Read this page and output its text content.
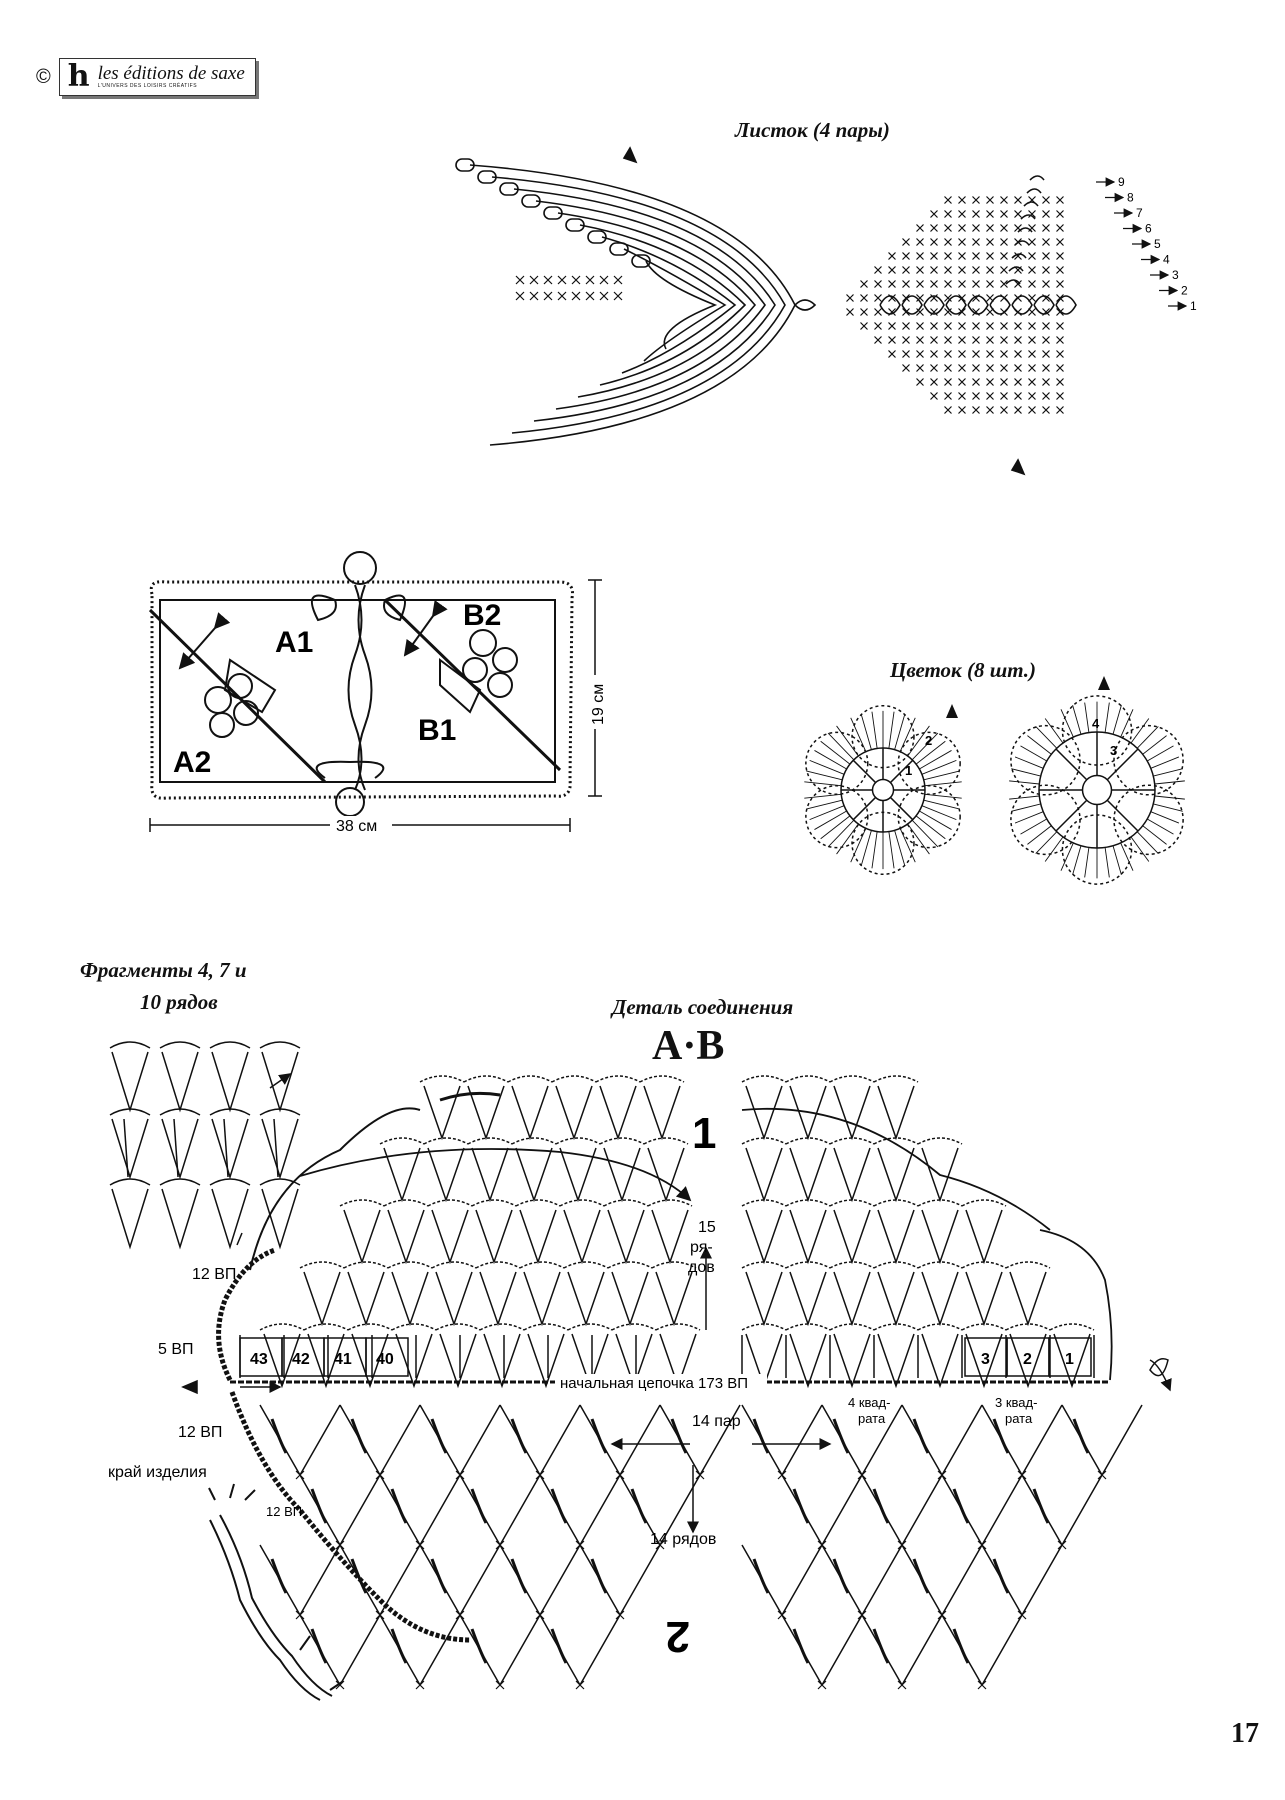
© h les éditions de saxe
L'UNIVERS DES LOISIRS CRÉATIFS
Листок (4 пары)
Цветок (8 шт.)
Фрагменты 4, 7 и
10 рядов	Деталь соединения
A·B
1
2
3
4
5
6
7
8
9
A1
A2
B1
B2
38 см
19 см
1
2
3
4
12 ВП
5 ВП
12 ВП
край изделия
12 ВП
15
ря-
дов
начальная цепочка 173 ВП
14 пар
14 рядов
4 квад-
рата
3 квад-
рата
1
2
43 42 41 40	3 2 1
17
